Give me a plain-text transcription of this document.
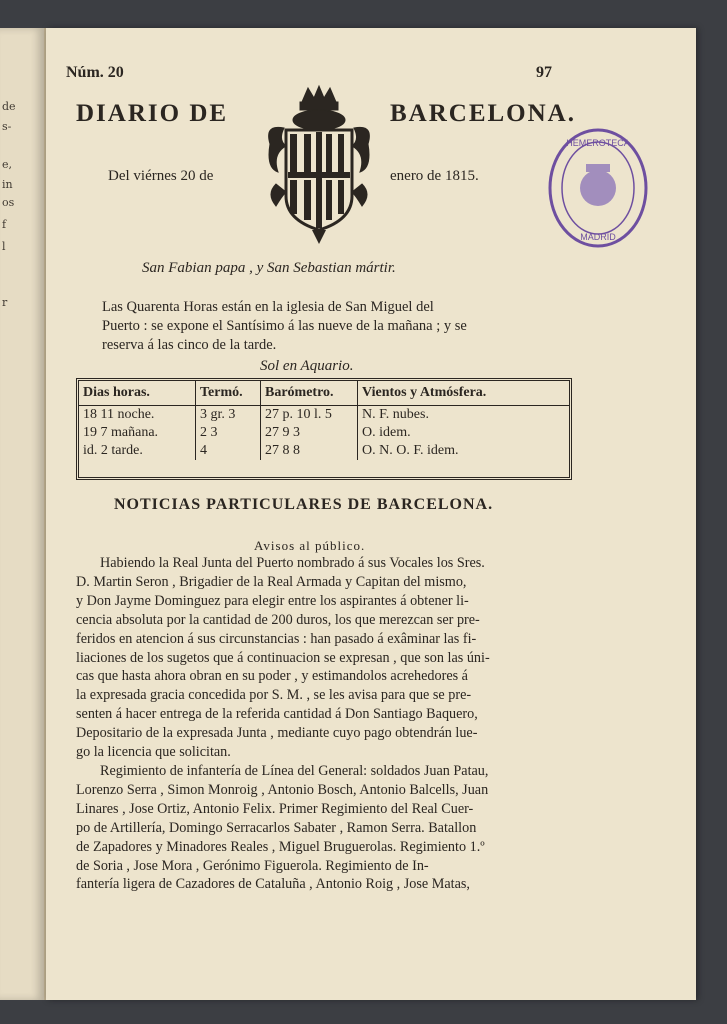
de
s-
e,
in
os
f
l
r
Núm. 20	97
DIARIO DE	BARCELONA.
Del viérnes 20 de	enero de 1815.
HEMEROTECA
MADRID
San Fabian papa , y San Sebastian mártir.

Las Quarenta Horas están en la iglesia de San Miguel del

Puerto : se expone el Santísimo á las nueve de la mañana ; y se

reserva á las cinco de la tarde.

Sol en Aquario.
Dias horas.	Termó.	Barómetro.	Vientos y Atmósfera.
18 11 noche.	3 gr. 3	27 p. 10 l. 5	N. F. nubes.
19 7 mañana.	2 3	27 9 3	O. idem.
id. 2 tarde.	4	27 8 8	O. N. O. F. idem.
NOTICIAS PARTICULARES DE BARCELONA.
Avisos al público.

Habiendo la Real Junta del Puerto nombrado á sus Vocales los Sres.

D. Martin Seron , Brigadier de la Real Armada y Capitan del mismo,

y Don Jayme Dominguez para elegir entre los aspirantes á obtener li-

cencia absoluta por la cantidad de 200 duros, los que merezcan ser pre-

feridos en atencion á sus circunstancias : han pasado á exâminar las fi-

liaciones de los sugetos que á continuacion se expresan , que son las úni-

cas que hasta ahora obran en su poder , y estimandolos acrehedores á

la expresada gracia concedida por S. M. , se les avisa para que se pre-

senten á hacer entrega de la referida cantidad á Don Santiago Baquero,

Depositario de la expresada Junta , mediante cuyo pago obtendrán lue-

go la licencia que solicitan.

Regimiento de infantería de Línea del General: soldados Juan Patau,

Lorenzo Serra , Simon Monroig , Antonio Bosch, Antonio Balcells, Juan

Linares , Jose Ortiz, Antonio Felix. Primer Regimiento del Real Cuer-

po de Artillería, Domingo Serracarlos Sabater , Ramon Serra. Batallon

de Zapadores y Minadores Reales , Miguel Bruguerolas. Regimiento 1.º

de Soria , Jose Mora , Gerónimo Figuerola. Regimiento de In-

fantería ligera de Cazadores de Cataluña , Antonio Roig , Jose Matas,
